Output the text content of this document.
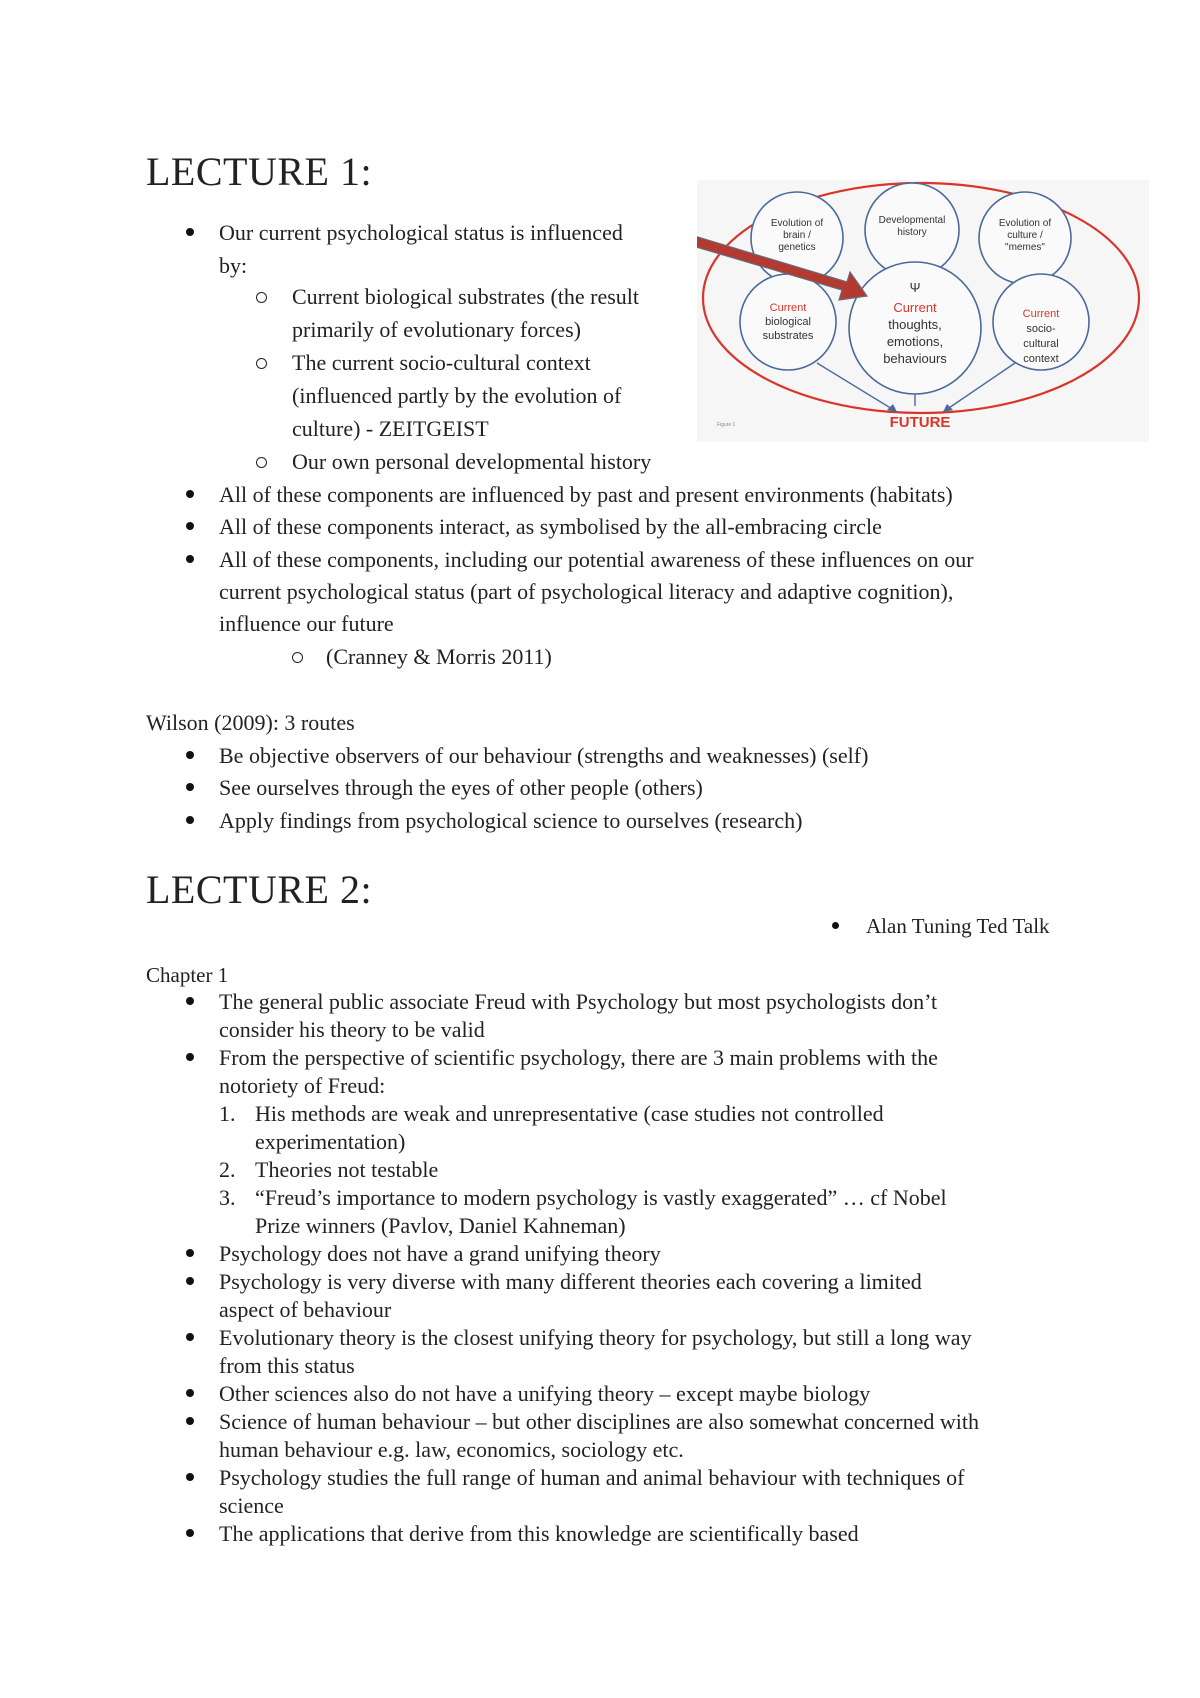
LECTURE 1:
Our current psychological status is influenced
by:
Current biological substrates (the result
primarily of evolutionary forces)
The current socio-cultural context
(influenced partly by the evolution of
culture) - ZEITGEIST
Our own personal developmental history
All of these components are influenced by past and present environments (habitats)
All of these components interact, as symbolised by the all-embracing circle
All of these components, including our potential awareness of these influences on our
current psychological status (part of psychological literacy and adaptive cognition),
influence our future
(Cranney & Morris 2011)
Evolution of
brain /
genetics
Developmental
history
Evolution of
culture /
"memes"
Ψ
Current
thoughts,
emotions,
behaviours
Current
biological
substrates
Current
socio-
cultural
context
FUTURE
Figure 1
Wilson (2009): 3 routes
Be objective observers of our behaviour (strengths and weaknesses) (self)
See ourselves through the eyes of other people (others)
Apply findings from psychological science to ourselves (research)
LECTURE 2:
Alan Tuning Ted Talk
Chapter 1
The general public associate Freud with Psychology but most psychologists don’t
consider his theory to be valid
From the perspective of scientific psychology, there are 3 main problems with the
notoriety of Freud:
1. His methods are weak and unrepresentative (case studies not controlled
experimentation)
2. Theories not testable
3. “Freud’s importance to modern psychology is vastly exaggerated” … cf Nobel
Prize winners (Pavlov, Daniel Kahneman)
Psychology does not have a grand unifying theory
Psychology is very diverse with many different theories each covering a limited
aspect of behaviour
Evolutionary theory is the closest unifying theory for psychology, but still a long way
from this status
Other sciences also do not have a unifying theory – except maybe biology
Science of human behaviour – but other disciplines are also somewhat concerned with
human behaviour e.g. law, economics, sociology etc.
Psychology studies the full range of human and animal behaviour with techniques of
science
The applications that derive from this knowledge are scientifically based
